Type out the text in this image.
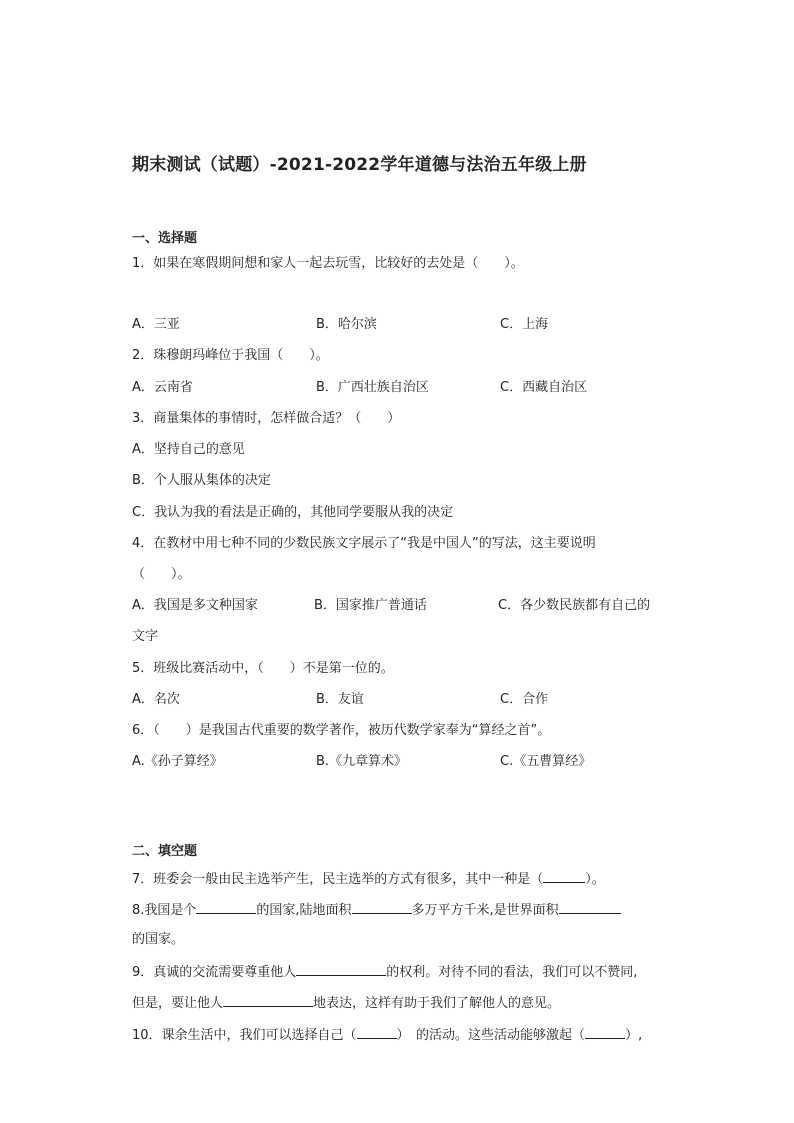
期末测试（试题）-2021-2022学年道德与法治五年级上册
一、选择题
1．如果在寒假期间想和家人一起去玩雪，比较好的去处是（　　）。
A．三亚	B．哈尔滨	C．上海
2．珠穆朗玛峰位于我国（　　）。
A．云南省	B．广西壮族自治区	C．西藏自治区
3．商量集体的事情时，怎样做合适？（　　）
A．坚持自己的意见
B．个人服从集体的决定
C．我认为我的看法是正确的，其他同学要服从我的决定
4．在教材中用七种不同的少数民族文字展示了“我是中国人”的写法，这主要说明
（　　）。
A．我国是多文种国家	B．国家推广普通话	C．各少数民族都有自己的
文字
5．班级比赛活动中，（　　）不是第一位的。
A．名次	B．友谊	C．合作
6．（　　）是我国古代重要的数学著作，被历代数学家奉为“算经之首”。
A.《孙子算经》	B.《九章算术》	C.《五曹算经》
二、填空题
7．班委会一般由民主选举产生，民主选举的方式有很多，其中一种是（	）。
8.我国是个	的国家,陆地面积	多万平方千米,是世界面积
的国家。
9．真诚的交流需要尊重他人	的权利。对待不同的看法，我们可以不赞同,
但是，要让他人	地表达，这样有助于我们了解他人的意见。
10．课余生活中，我们可以选择自己（	）　的活动。这些活动能够激起（	）,
